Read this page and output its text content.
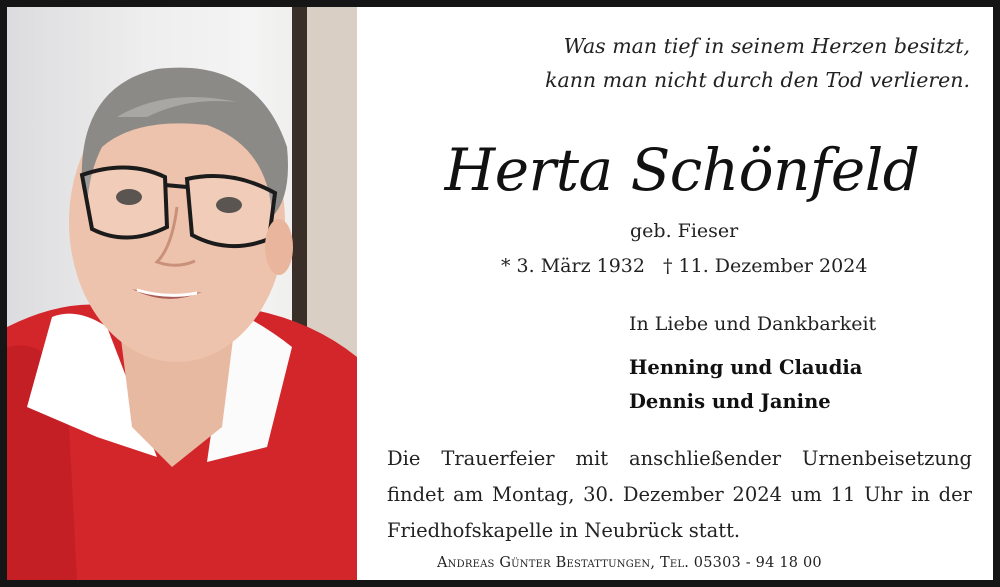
Was man tief in seinem Herzen besitzt,
kann man nicht durch den Tod verlieren.
Herta Schönfeld
geb. Fieser
* 3. März 1932 † 11. Dezember 2024
In Liebe und Dankbarkeit
Henning und Claudia
Dennis und Janine
Die Trauerfeier mit anschließender Urnenbeisetzung
findet am Montag, 30. Dezember 2024 um 11 Uhr in der
Friedhofskapelle in Neubrück statt.
Andreas Günter Bestattungen, Tel. 05303 - 94 18 00
